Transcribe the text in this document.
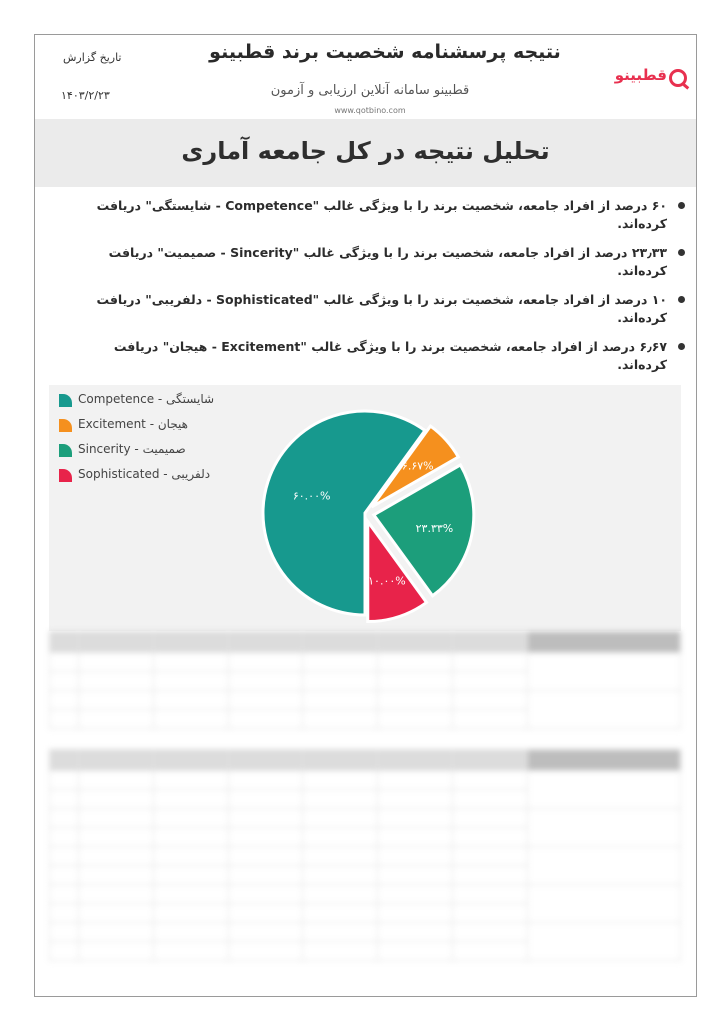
تاریخ گزارش
۱۴۰۳/۲/۲۳
نتیجه پرسشنامه شخصیت برند قطبینو
قطبینو سامانه آنلاین ارزیابی و آزمون
www.qotbino.com
قطبینو
تحلیل نتیجه در کل جامعه آماری
۶۰ درصد از افراد جامعه، شخصیت برند را با ویژگی غالب "Competence - شایستگی" دریافت کرده‌اند.
۲۳٫۳۳ درصد از افراد جامعه، شخصیت برند را با ویژگی غالب "Sincerity - صمیمیت" دریافت کرده‌اند.
۱۰ درصد از افراد جامعه، شخصیت برند را با ویژگی غالب "Sophisticated - دلفریبی" دریافت کرده‌اند.
۶٫۶۷ درصد از افراد جامعه، شخصیت برند را با ویژگی غالب "Excitement - هیجان" دریافت کرده‌اند.
Competence - شایستگی
Excitement - هیجان
Sincerity - صمیمیت
Sophisticated - دلفریبی
۶۰.۰۰%
۶.۶۷%
۲۳.۳۳%
۱۰.۰۰%
